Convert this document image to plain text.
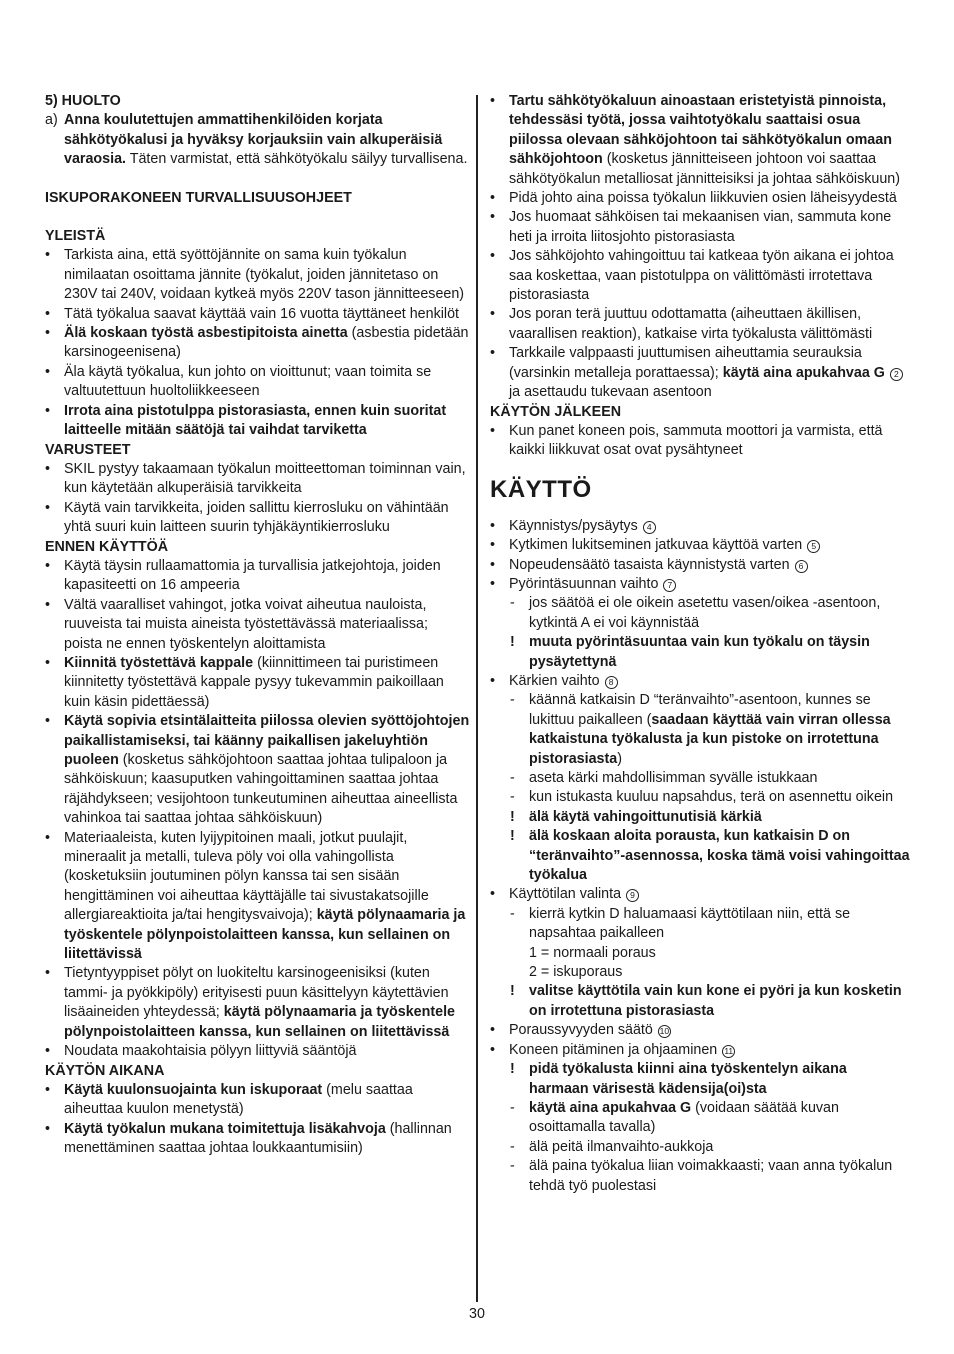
5) HUOLTO

a) Anna koulutettujen ammattihenkilöiden korjata sähkötyökalusi ja hyväksy korjauksiin vain alkuperäisiä varaosia. Täten varmistat, että sähkötyökalu säilyy turvallisena.

ISKUPORAKONEEN TURVALLISUUSOHJEET

YLEISTÄ

• Tarkista aina, että syöttöjännite on sama kuin työkalun nimilaatan osoittama jännite (työkalut, joiden jännitetaso on 230V tai 240V, voidaan kytkeä myös 220V tason jännitteeseen)
• Tätä työkalua saavat käyttää vain 16 vuotta täyttäneet henkilöt
• Älä koskaan työstä asbestipitoista ainetta (asbestia pidetään karsinogeenisena)
• Äla käytä työkalua, kun johto on vioittunut; vaan toimita se valtuutettuun huoltoliikkeeseen
• Irrota aina pistotulppa pistorasiasta, ennen kuin suoritat laitteelle mitään säätöjä tai vaihdat tarviketta

VARUSTEET

• SKIL pystyy takaamaan työkalun moitteettoman toiminnan vain, kun käytetään alkuperäisiä tarvikkeita
• Käytä vain tarvikkeita, joiden sallittu kierrosluku on vähintään yhtä suuri kuin laitteen suurin tyhjäkäyntikierrosluku

ENNEN KÄYTTÖÄ

• Käytä täysin rullaamattomia ja turvallisia jatkejohtoja, joiden kapasiteetti on 16 ampeeria
• Vältä vaaralliset vahingot, jotka voivat aiheutua nauloista, ruuveista tai muista aineista työstettävässä materiaalissa; poista ne ennen työskentelyn aloittamista
• Kiinnitä työstettävä kappale (kiinnittimeen tai puristimeen kiinnitetty työstettävä kappale pysyy tukevammin paikoillaan kuin käsin pidettäessä)
• Käytä sopivia etsintälaitteita piilossa olevien syöttöjohtojen paikallistamiseksi, tai käänny paikallisen jakeluyhtiön puoleen (kosketus sähköjohtoon saattaa johtaa tulipaloon ja sähköiskuun; kaasuputken vahingoittaminen saattaa johtaa räjähdykseen; vesijohtoon tunkeutuminen aiheuttaa aineellista vahinkoa tai saattaa johtaa sähköiskuun)
• Materiaaleista, kuten lyijypitoinen maali, jotkut puulajit, mineraalit ja metalli, tuleva pöly voi olla vahingollista (kosketuksiin joutuminen pölyn kanssa tai sen sisään hengittäminen voi aiheuttaa käyttäjälle tai sivustakatsojille allergiareaktioita ja/tai hengitysvaivoja); käytä pölynaamaria ja työskentele pölynpoistolaitteen kanssa, kun sellainen on liitettävissä
• Tietyntyyppiset pölyt on luokiteltu karsinogeenisiksi (kuten tammi- ja pyökkipöly) erityisesti puun käsittelyyn käytettävien lisäaineiden yhteydessä; käytä pölynaamaria ja työskentele pölynpoistolaitteen kanssa, kun sellainen on liitettävissä
• Noudata maakohtaisia pölyyn liittyviä sääntöjä

KÄYTÖN AIKANA

• Käytä kuulonsuojainta kun iskuporaat (melu saattaa aiheuttaa kuulon menetystä)
• Käytä työkalun mukana toimitettuja lisäkahvoja (hallinnan menettäminen saattaa johtaa loukkaantumisiin)
• Tartu sähkötyökaluun ainoastaan eristetyistä pinnoista, tehdessäsi työtä, jossa vaihtotyökalu saattaisi osua piilossa olevaan sähköjohtoon tai sähkötyökalun omaan sähköjohtoon (kosketus jännitteiseen johtoon voi saattaa sähkötyökalun metalliosat jännitteisiksi ja johtaa sähköiskuun)
• Pidä johto aina poissa työkalun liikkuvien osien läheisyydestä
• Jos huomaat sähköisen tai mekaanisen vian, sammuta kone heti ja irroita liitosjohto pistorasiasta
• Jos sähköjohto vahingoittuu tai katkeaa työn aikana ei johtoa saa koskettaa, vaan pistotulppa on välittömästi irrotettava pistorasiasta
• Jos poran terä juuttuu odottamatta (aiheuttaen äkillisen, vaarallisen reaktion), katkaise virta työkalusta välittömästi
• Tarkkaile valppaasti juuttumisen aiheuttamia seurauksia (varsinkin metalleja porattaessa); käytä aina apukahvaa G 2 ja asettaudu tukevaan asentoon

KÄYTÖN JÄLKEEN

• Kun panet koneen pois, sammuta moottori ja varmista, että kaikki liikkuvat osat ovat pysähtyneet

KÄYTTÖ

• Käynnistys/pysäytys 4
• Kytkimen lukitseminen jatkuvaa käyttöä varten 5
• Nopeudensäätö tasaista käynnistystä varten 6
• Pyörintäsuunnan vaihto 7
- jos säätöä ei ole oikein asetettu vasen/oikea -asentoon, kytkintä A ei voi käynnistää
! muuta pyörintäsuuntaa vain kun työkalu on täysin pysäytettynä
• Kärkien vaihto 8
- käännä katkaisin D “teränvaihto”-asentoon, kunnes se lukittuu paikalleen (saadaan käyttää vain virran ollessa katkaistuna työkalusta ja kun pistoke on irrotettuna pistorasiasta)
- aseta kärki mahdollisimman syvälle istukkaan
- kun istukasta kuuluu napsahdus, terä on asennettu oikein
! älä käytä vahingoittunutisiä kärkiä
! älä koskaan aloita porausta, kun katkaisin D on “teränvaihto”-asennossa, koska tämä voisi vahingoittaa työkalua
• Käyttötilan valinta 9
- kierrä kytkin D haluamaasi käyttötilaan niin, että se napsahtaa paikalleen

1 = normaali poraus

2 = iskuporaus

! valitse käyttötila vain kun kone ei pyöri ja kun kosketin on irrotettuna pistorasiasta
• Poraussyvyyden säätö 10
• Koneen pitäminen ja ohjaaminen 11
! pidä työkalusta kiinni aina työskentelyn aikana harmaan värisestä kädensija(oi)sta
- käytä aina apukahvaa G (voidaan säätää kuvan osoittamalla tavalla)
- älä peitä ilmanvaihto-aukkoja
- älä paina työkalua liian voimakkaasti; vaan anna työkalun tehdä työ puolestasi
30
